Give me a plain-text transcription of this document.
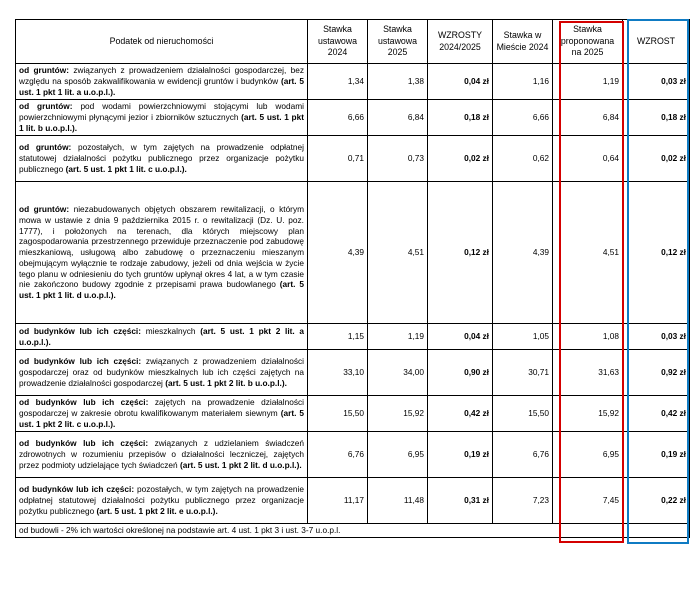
Podatek od nieruchomości	Stawka ustawowa 2024	Stawka ustawowa 2025	WZROSTY 2024/2025	Stawka w Mieście 2024	Stawka proponowana na 2025	WZROST
od gruntów: związanych z prowadzeniem działalności gospodarczej, bez względu na sposób zakwalifikowania w ewidencji gruntów i budynków (art. 5 ust. 1 pkt 1 lit. a u.o.p.l.).	1,34	1,38	0,04 zł	1,16	1,19	0,03 zł
od gruntów: pod wodami powierzchniowymi stojącymi lub wodami powierzchniowymi płynącymi jezior i zbiorników sztucznych (art. 5 ust. 1 pkt 1 lit. b u.o.p.l.).	6,66	6,84	0,18 zł	6,66	6,84	0,18 zł
od gruntów: pozostałych, w tym zajętych na prowadzenie odpłatnej statutowej działalności pożytku publicznego przez organizacje pożytku publicznego (art. 5 ust. 1 pkt 1 lit. c u.o.p.l.).	0,71	0,73	0,02 zł	0,62	0,64	0,02 zł
od gruntów: niezabudowanych objętych obszarem rewitalizacji, o którym mowa w ustawie z dnia 9 października 2015 r. o rewitalizacji (Dz. U. poz. 1777), i położonych na terenach, dla których miejscowy plan zagospodarowania przestrzennego przewiduje przeznaczenie pod zabudowę mieszkaniową, usługową albo zabudowę o przeznaczeniu mieszanym obejmującym wyłącznie te rodzaje zabudowy, jeżeli od dnia wejścia w życie tego planu w odniesieniu do tych gruntów upłynął okres 4 lat, a w tym czasie nie zakończono budowy zgodnie z przepisami prawa budowlanego (art. 5 ust. 1 pkt 1 lit. d u.o.p.l.).	4,39	4,51	0,12 zł	4,39	4,51	0,12 zł
od budynków lub ich części: mieszkalnych (art. 5 ust. 1 pkt 2 lit. a u.o.p.l.).	1,15	1,19	0,04 zł	1,05	1,08	0,03 zł
od budynków lub ich części: związanych z prowadzeniem działalności gospodarczej oraz od budynków mieszkalnych lub ich części zajętych na prowadzenie działalności gospodarczej (art. 5 ust. 1 pkt 2 lit. b u.o.p.l.).	33,10	34,00	0,90 zł	30,71	31,63	0,92 zł
od budynków lub ich części: zajętych na prowadzenie działalności gospodarczej w zakresie obrotu kwalifikowanym materiałem siewnym (art. 5 ust. 1 pkt 2 lit. c u.o.p.l.).	15,50	15,92	0,42 zł	15,50	15,92	0,42 zł
od budynków lub ich części: związanych z udzielaniem świadczeń zdrowotnych w rozumieniu przepisów o działalności leczniczej, zajętych przez podmioty udzielające tych świadczeń (art. 5 ust. 1 pkt 2 lit. d u.o.p.l.).	6,76	6,95	0,19 zł	6,76	6,95	0,19 zł
od budynków lub ich części: pozostałych, w tym zajętych na prowadzenie odpłatnej statutowej działalności pożytku publicznego przez organizacje pożytku publicznego (art. 5 ust. 1 pkt 2 lit. e u.o.p.l.).	11,17	11,48	0,31 zł	7,23	7,45	0,22 zł
od budowli - 2% ich wartości określonej na podstawie art. 4 ust. 1 pkt 3 i ust. 3-7 u.o.p.l.						
